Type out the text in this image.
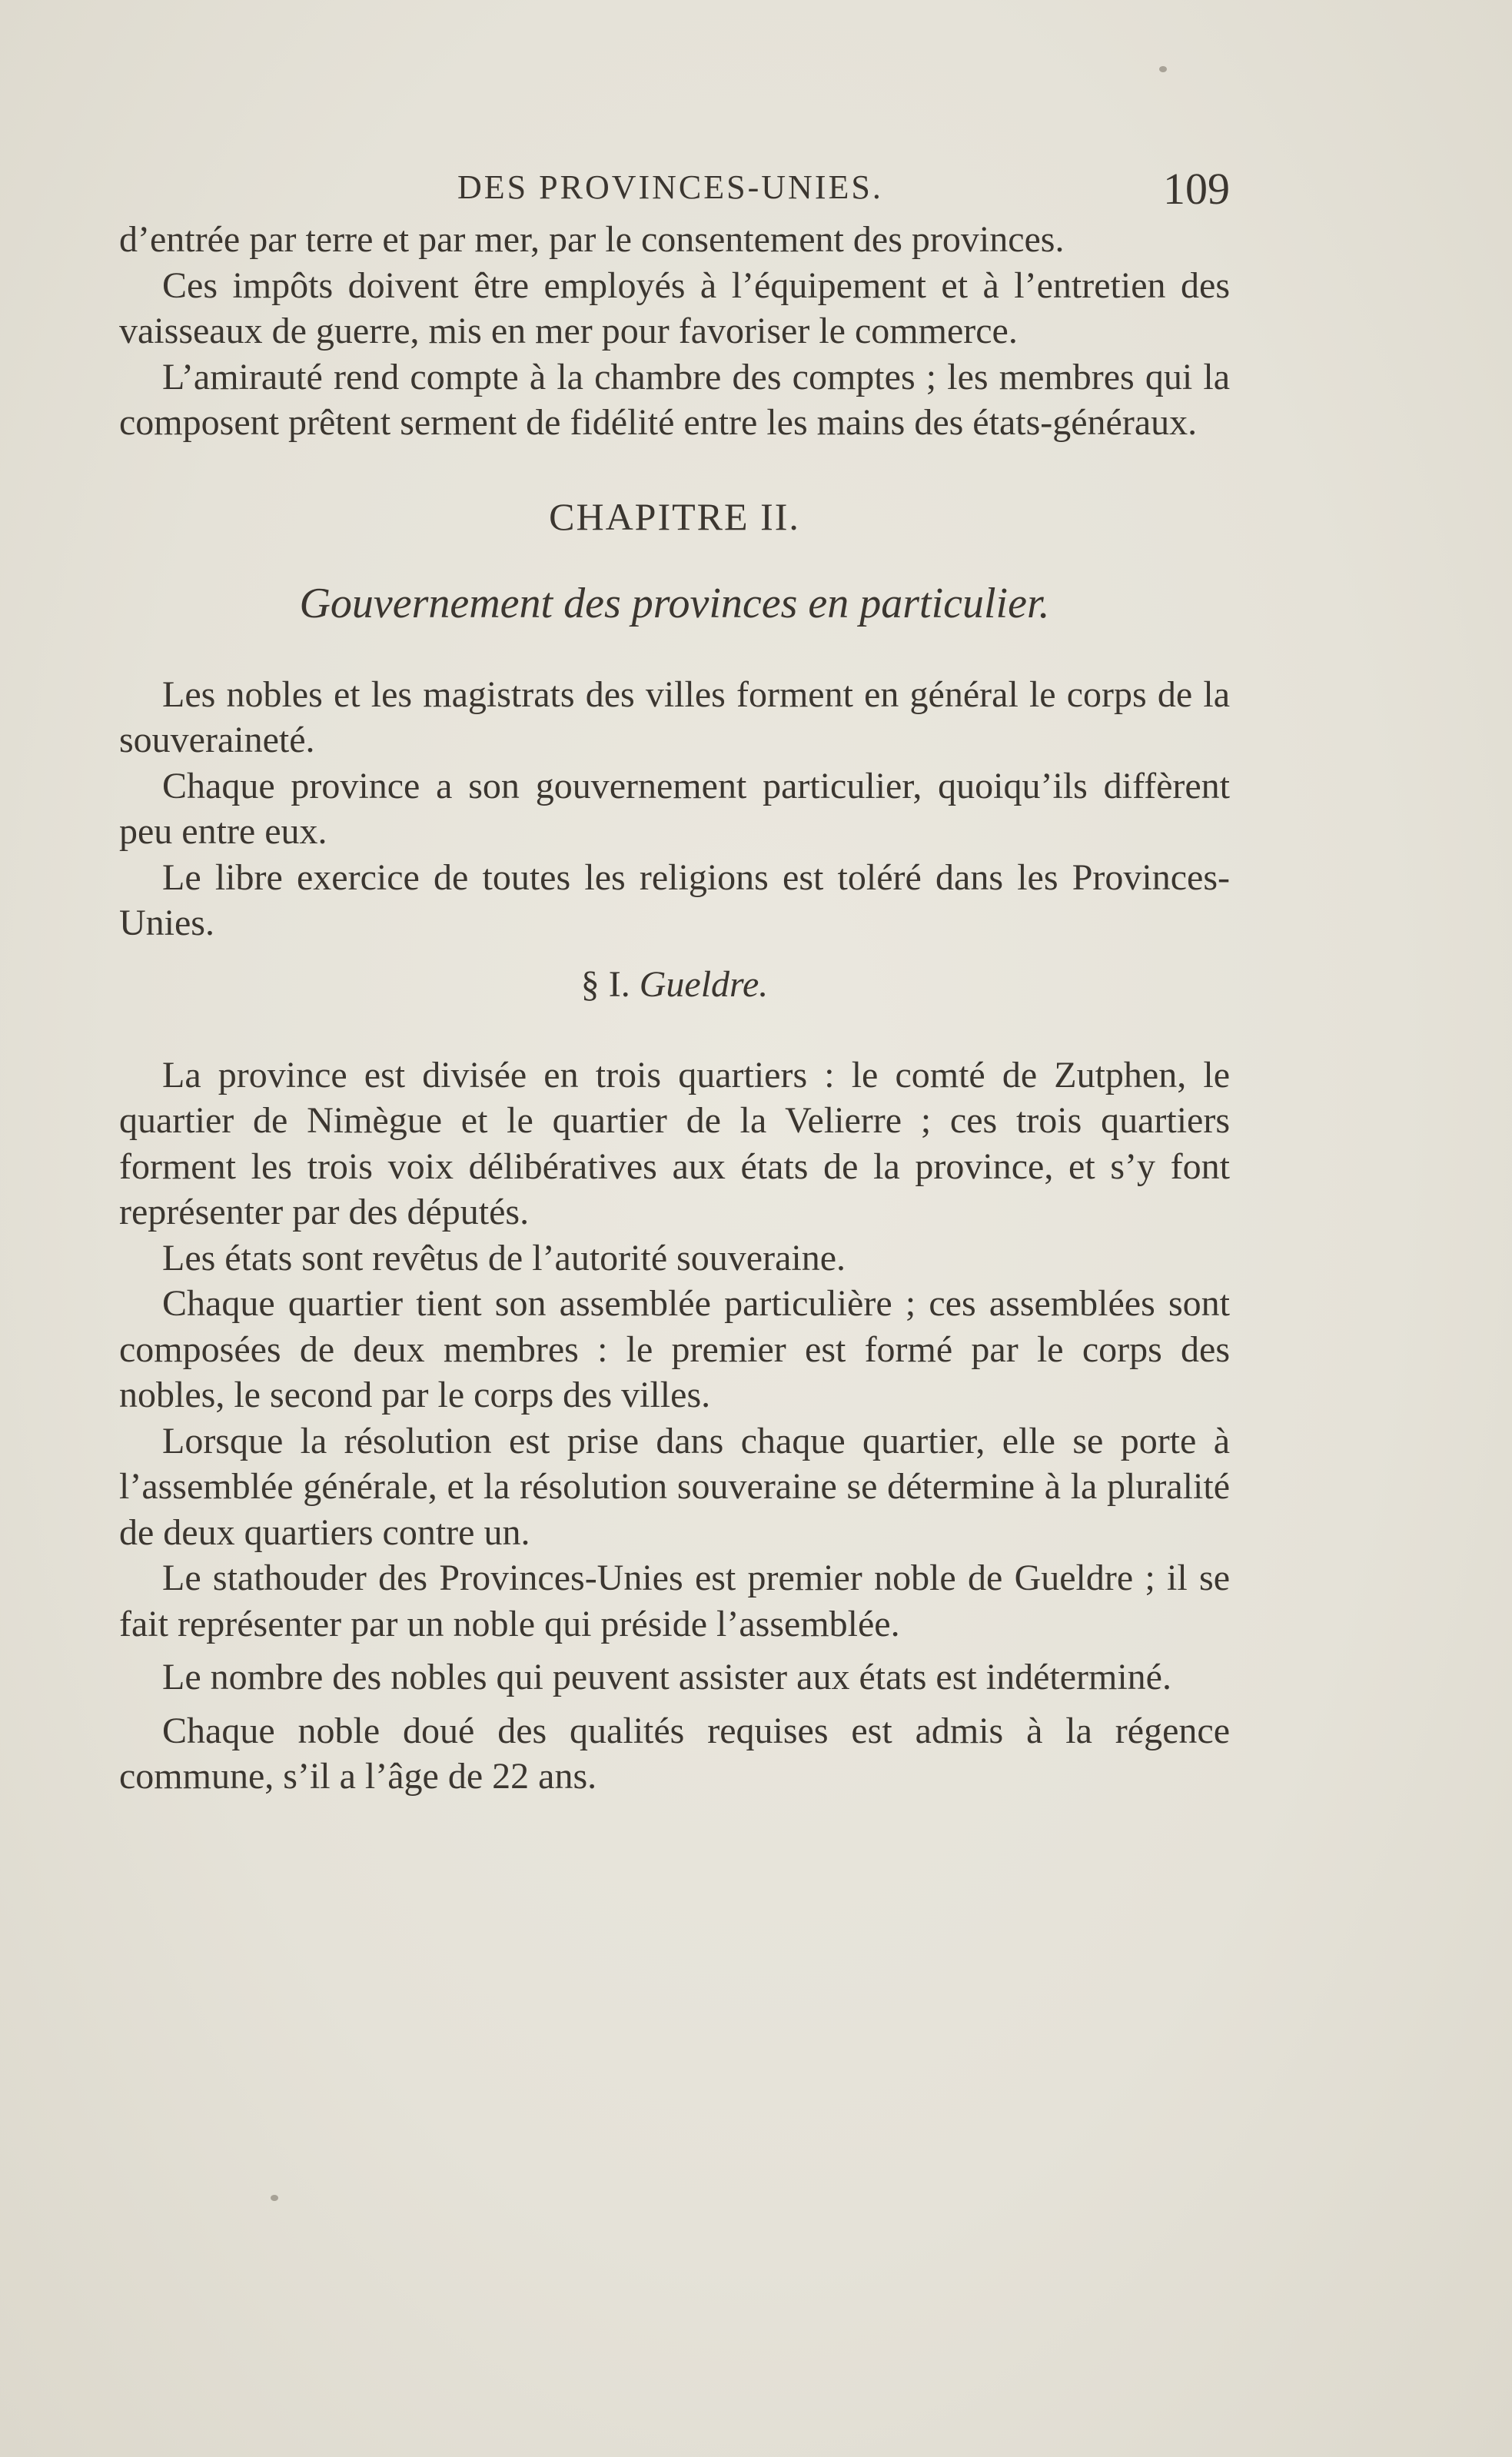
DES PROVINCES-UNIES.	109

d’entrée par terre et par mer, par le consentement des provinces.

Ces impôts doivent être employés à l’équipement et à l’entretien des vaisseaux de guerre, mis en mer pour favoriser le commerce.

L’amirauté rend compte à la chambre des comptes ; les membres qui la composent prêtent serment de fidélité entre les mains des états-généraux.

CHAPITRE II.
Gouvernement des provinces en particulier.

Les nobles et les magistrats des villes forment en général le corps de la souveraineté.

Chaque province a son gouvernement particulier, quoiqu’ils diffèrent peu entre eux.

Le libre exercice de toutes les religions est toléré dans les Provinces-Unies.

§ I. Gueldre.

La province est divisée en trois quartiers : le comté de Zutphen, le quartier de Nimègue et le quartier de la Velierre ; ces trois quartiers forment les trois voix délibératives aux états de la province, et s’y font représenter par des députés.

Les états sont revêtus de l’autorité souveraine.

Chaque quartier tient son assemblée particulière ; ces assemblées sont composées de deux membres : le premier est formé par le corps des nobles, le second par le corps des villes.

Lorsque la résolution est prise dans chaque quartier, elle se porte à l’assemblée générale, et la résolution souveraine se détermine à la pluralité de deux quartiers contre un.

Le stathouder des Provinces-Unies est premier noble de Gueldre ; il se fait représenter par un noble qui préside l’assemblée.

Le nombre des nobles qui peuvent assister aux états est indéterminé.

Chaque noble doué des qualités requises est admis à la régence commune, s’il a l’âge de 22 ans.
